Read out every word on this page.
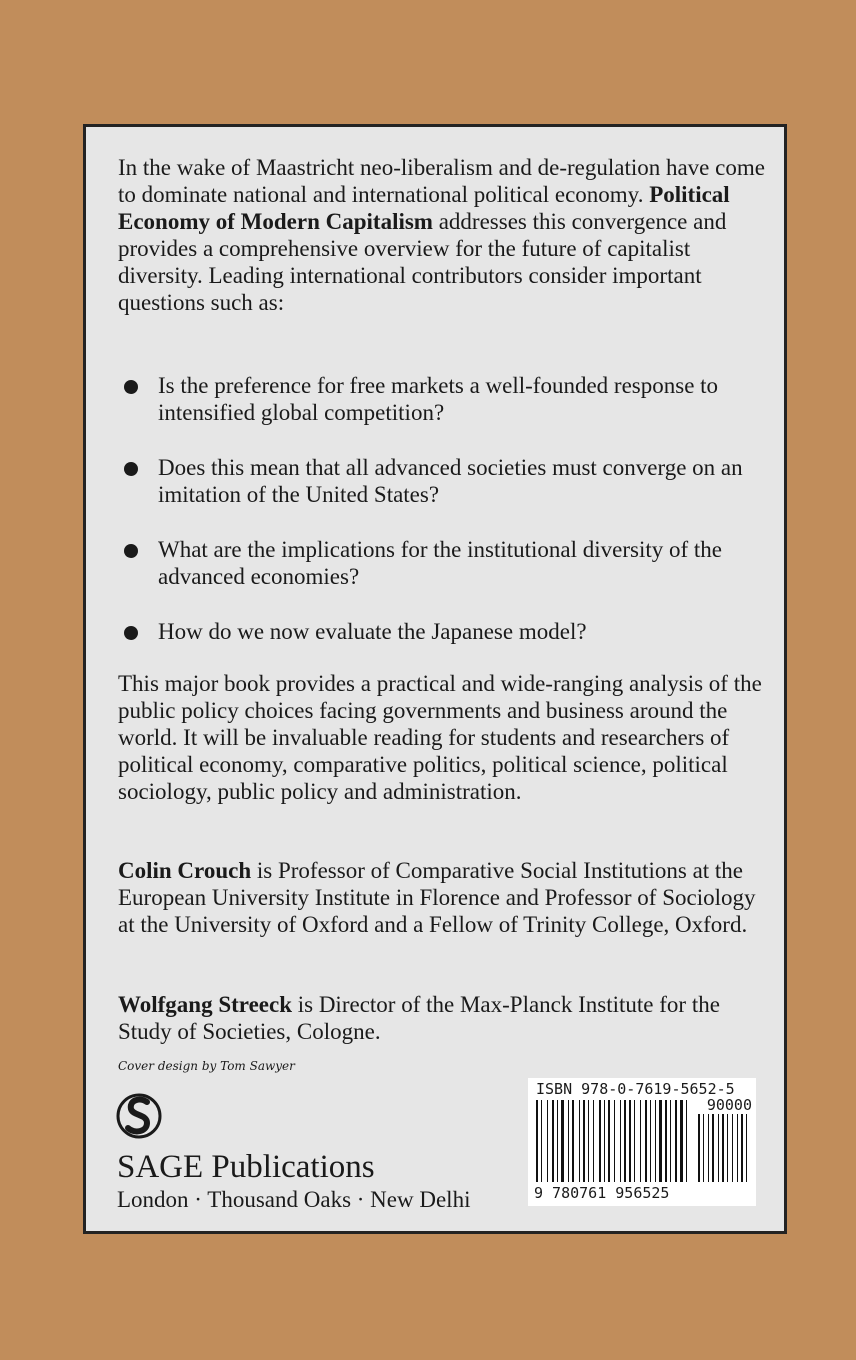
In the wake of Maastricht neo-liberalism and de-regulation have come to dominate national and international political economy. Political Economy of Modern Capitalism addresses this convergence and provides a comprehensive overview for the future of capitalist diversity. Leading international contributors consider important questions such as:
Is the preference for free markets a well-founded response to intensified global competition?
Does this mean that all advanced societies must converge on an imitation of the United States?
What are the implications for the institutional diversity of the advanced economies?
How do we now evaluate the Japanese model?
This major book provides a practical and wide-ranging analysis of the public policy choices facing governments and business around the world. It will be invaluable reading for students and researchers of political economy, comparative politics, political science, political sociology, public policy and administration.
Colin Crouch is Professor of Comparative Social Institutions at the European University Institute in Florence and Professor of Sociology at the University of Oxford and a Fellow of Trinity College, Oxford.
Wolfgang Streeck is Director of the Max-Planck Institute for the Study of Societies, Cologne.
Cover design by Tom Sawyer
SAGE Publications
London · Thousand Oaks · New Delhi
ISBN 978-0-7619-5652-5
90000
9 780761 956525
